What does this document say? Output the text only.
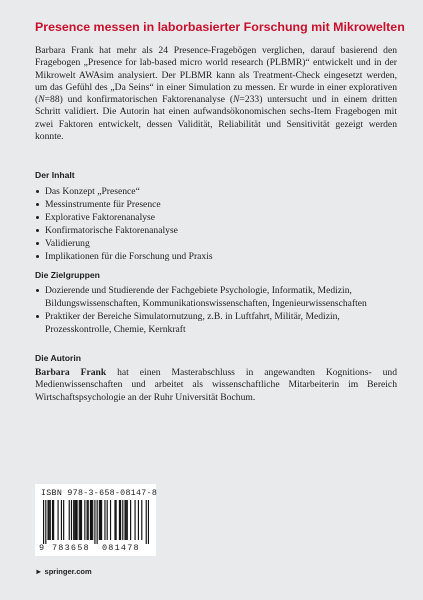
Presence messen in laborbasierter Forschung mit Mikrowelten
Barbara Frank hat mehr als 24 Presence-Fragebögen verglichen, darauf basierend den Fragebogen „Presence for lab-based micro world research (PLBMR)“ entwickelt und in der Mikrowelt AWAsim analysiert. Der PLBMR kann als Treatment-Check eingesetzt werden, um das Gefühl des „Da Seins“ in einer Simulation zu messen. Er wurde in einer explorativen (N=88) und konfirmatorischen Faktorenanalyse (N=233) untersucht und in einem dritten Schritt validiert. Die Autorin hat einen aufwandsökonomischen sechs-Item Fragebogen mit zwei Faktoren entwickelt, dessen Validität, Reliabilität und Sensitivität gezeigt werden konnte.
Der Inhalt
Das Konzept „Presence“
Messinstrumente für Presence
Explorative Faktorenanalyse
Konfirmatorische Faktorenanalyse
Validierung
Implikationen für die Forschung und Praxis
Die Zielgruppen
Dozierende und Studierende der Fachgebiete Psychologie, Informatik, Medizin, Bildungswissenschaften, Kommunikationswissenschaften, Ingenieurwissenschaften
Praktiker der Bereiche Simulatornutzung, z.B. in Luftfahrt, Militär, Medizin, Prozesskontrolle, Chemie, Kernkraft
Die Autorin
Barbara Frank hat einen Masterabschluss in angewandten Kognitions- und Medienwissenschaften und arbeitet als wissenschaftliche Mitarbeiterin im Bereich Wirtschaftspsychologie an der Ruhr Universität Bochum.
ISBN 978-3-658-08147-8
9 783658 081478
► springer.com
